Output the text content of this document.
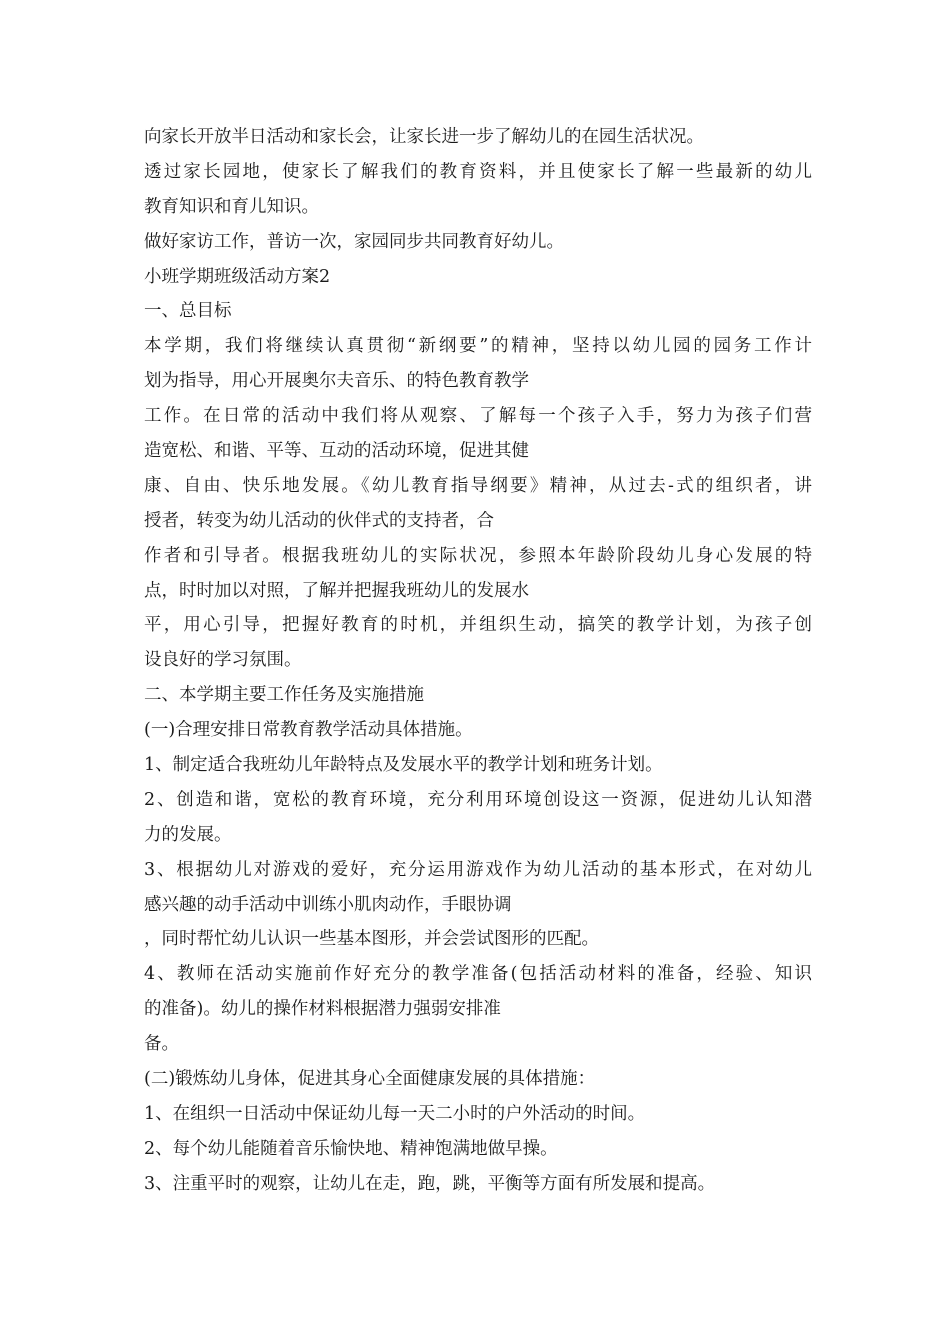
向家长开放半日活动和家长会，让家长进一步了解幼儿的在园生活状况。
透过家长园地，使家长了解我们的教育资料，并且使家长了解一些最新的幼儿
教育知识和育儿知识。
做好家访工作，普访一次，家园同步共同教育好幼儿。
小班学期班级活动方案2
一、总目标
本学期，我们将继续认真贯彻“新纲要”的精神，坚持以幼儿园的园务工作计
划为指导，用心开展奥尔夫音乐、的特色教育教学
工作。在日常的活动中我们将从观察、了解每一个孩子入手，努力为孩子们营
造宽松、和谐、平等、互动的活动环境，促进其健
康、自由、快乐地发展。《幼儿教育指导纲要》精神，从过去-式的组织者，讲
授者，转变为幼儿活动的伙伴式的支持者，合
作者和引导者。根据我班幼儿的实际状况，参照本年龄阶段幼儿身心发展的特
点，时时加以对照，了解并把握我班幼儿的发展水
平，用心引导，把握好教育的时机，并组织生动，搞笑的教学计划，为孩子创
设良好的学习氛围。
二、本学期主要工作任务及实施措施
(一)合理安排日常教育教学活动具体措施。
1、制定适合我班幼儿年龄特点及发展水平的教学计划和班务计划。
2、创造和谐，宽松的教育环境，充分利用环境创设这一资源，促进幼儿认知潜
力的发展。
3、根据幼儿对游戏的爱好，充分运用游戏作为幼儿活动的基本形式，在对幼儿
感兴趣的动手活动中训练小肌肉动作，手眼协调
，同时帮忙幼儿认识一些基本图形，并会尝试图形的匹配。
4、教师在活动实施前作好充分的教学准备(包括活动材料的准备，经验、知识
的准备)。幼儿的操作材料根据潜力强弱安排准
备。
(二)锻炼幼儿身体，促进其身心全面健康发展的具体措施：
1、在组织一日活动中保证幼儿每一天二小时的户外活动的时间。
2、每个幼儿能随着音乐愉快地、精神饱满地做早操。
3、注重平时的观察，让幼儿在走，跑，跳，平衡等方面有所发展和提高。
